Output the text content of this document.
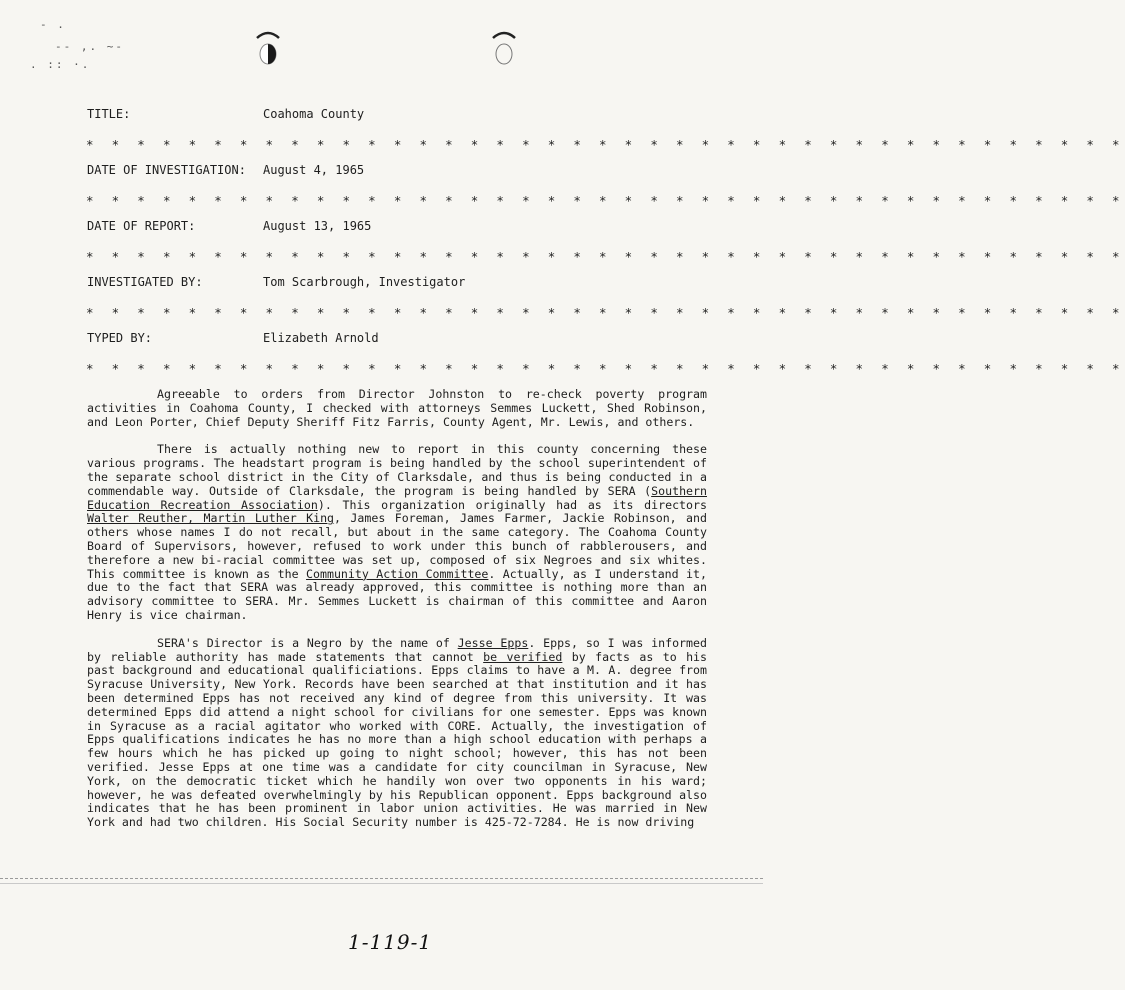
- .
-- ,. ~-
. :: ·.
TITLE:	Coahoma County
* * * * * * * * * * * * * * * * * * * * * * * * * * * * * * * * * * * * * * * * *
DATE OF INVESTIGATION: August 4, 1965
* * * * * * * * * * * * * * * * * * * * * * * * * * * * * * * * * * * * * * * * *
DATE OF REPORT:	August 13, 1965
* * * * * * * * * * * * * * * * * * * * * * * * * * * * * * * * * * * * * * * * *
INVESTIGATED BY:	Tom Scarbrough, Investigator
* * * * * * * * * * * * * * * * * * * * * * * * * * * * * * * * * * * * * * * * *
TYPED BY:	Elizabeth Arnold
* * * * * * * * * * * * * * * * * * * * * * * * * * * * * * * * * * * * * * * * *

Agreeable to orders from Director Johnston to re-check poverty program activities in Coahoma County, I checked with attorneys Semmes Luckett, Shed Robinson, and Leon Porter, Chief Deputy Sheriff Fitz Farris, County Agent, Mr. Lewis, and others.

There is actually nothing new to report in this county concerning these various programs. The headstart program is being handled by the school superintendent of the separate school district in the City of Clarksdale, and thus is being conducted in a commendable way. Outside of Clarksdale, the program is being handled by SERA (Southern Education Recreation Association). This organization originally had as its directors Walter Reuther, Martin Luther King, James Foreman, James Farmer, Jackie Robinson, and others whose names I do not recall, but about in the same category. The Coahoma County Board of Supervisors, however, refused to work under this bunch of rabblerousers, and therefore a new bi-racial committee was set up, composed of six Negroes and six whites. This committee is known as the Community Action Committee. Actually, as I understand it, due to the fact that SERA was already approved, this committee is nothing more than an advisory committee to SERA. Mr. Semmes Luckett is chairman of this committee and Aaron Henry is vice chairman.

SERA's Director is a Negro by the name of Jesse Epps. Epps, so I was informed by reliable authority has made statements that cannot be verified by facts as to his past background and educational qualificiations. Epps claims to have a M. A. degree from Syracuse University, New York. Records have been searched at that institution and it has been determined Epps has not received any kind of degree from this university. It was determined Epps did attend a night school for civilians for one semester. Epps was known in Syracuse as a racial agitator who worked with CORE. Actually, the investigation of Epps qualifications indicates he has no more than a high school education with perhaps a few hours which he has picked up going to night school; however, this has not been verified. Jesse Epps at one time was a candidate for city councilman in Syracuse, New York, on the democratic ticket which he handily won over two opponents in his ward; however, he was defeated overwhelmingly by his Republican opponent. Epps background also indicates that he has been prominent in labor union activities. He was married in New York and had two children. His Social Security number is 425-72-7284. He is now driving

1-119-1
